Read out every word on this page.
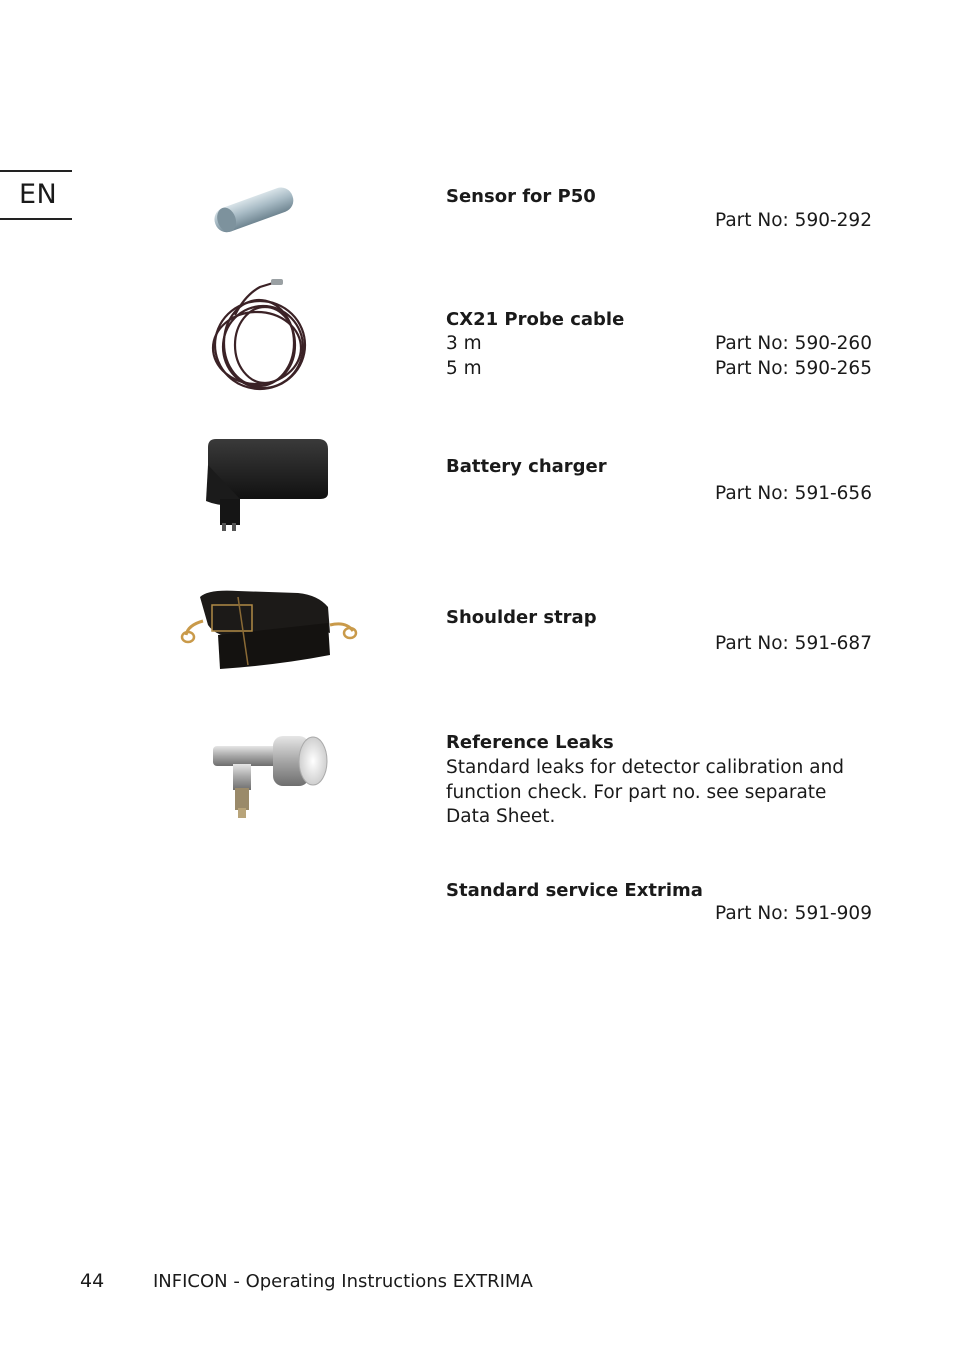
EN	Sensor for P50
Part No: 590-292
CX21 Probe cable
3 m	Part No: 590-260
5 m	Part No: 590-265
Battery charger
Part No: 591-656
Shoulder strap
Part No: 591-687
Reference Leaks
Standard leaks for detector calibration and function check. For part no. see separate Data Sheet.
Standard service Extrima
Part No: 591-909
44	INFICON - Operating Instructions EXTRIMA
